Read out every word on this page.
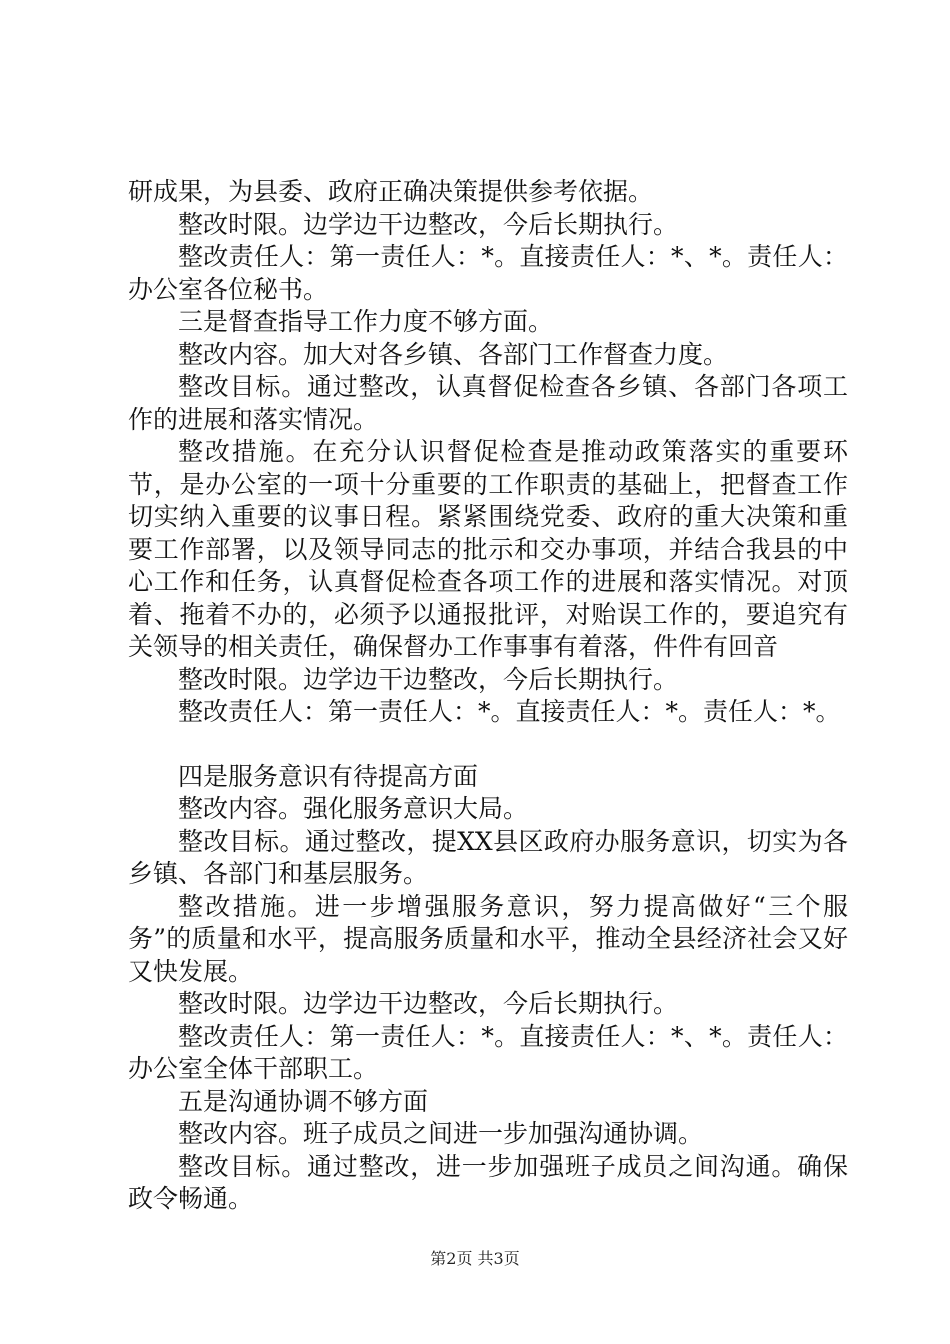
研成果，为县委、政府正确决策提供参考依据。

整改时限。边学边干边整改，今后长期执行。

整改责任人：第一责任人：*。直接责任人：*、*。责任人：办公室各位秘书。

三是督查指导工作力度不够方面。

整改内容。加大对各乡镇、各部门工作督查力度。

整改目标。通过整改，认真督促检查各乡镇、各部门各项工作的进展和落实情况。

整改措施。在充分认识督促检查是推动政策落实的重要环节，是办公室的一项十分重要的工作职责的基础上，把督查工作切实纳入重要的议事日程。紧紧围绕党委、政府的重大决策和重要工作部署，以及领导同志的批示和交办事项，并结合我县的中心工作和任务，认真督促检查各项工作的进展和落实情况。对顶着、拖着不办的，必须予以通报批评，对贻误工作的，要追究有关领导的相关责任，确保督办工作事事有着落，件件有回音

整改时限。边学边干边整改，今后长期执行。

整改责任人：第一责任人：*。直接责任人：*。责任人：*。

四是服务意识有待提高方面

整改内容。强化服务意识大局。

整改目标。通过整改，提XX县区政府办服务意识，切实为各乡镇、各部门和基层服务。

整改措施。进一步增强服务意识，努力提高做好“三个服务”的质量和水平，提高服务质量和水平，推动全县经济社会又好又快发展。

整改时限。边学边干边整改，今后长期执行。

整改责任人：第一责任人：*。直接责任人：*、*。责任人：办公室全体干部职工。

五是沟通协调不够方面

整改内容。班子成员之间进一步加强沟通协调。

整改目标。通过整改，进一步加强班子成员之间沟通。确保政令畅通。

第2页 共3页
